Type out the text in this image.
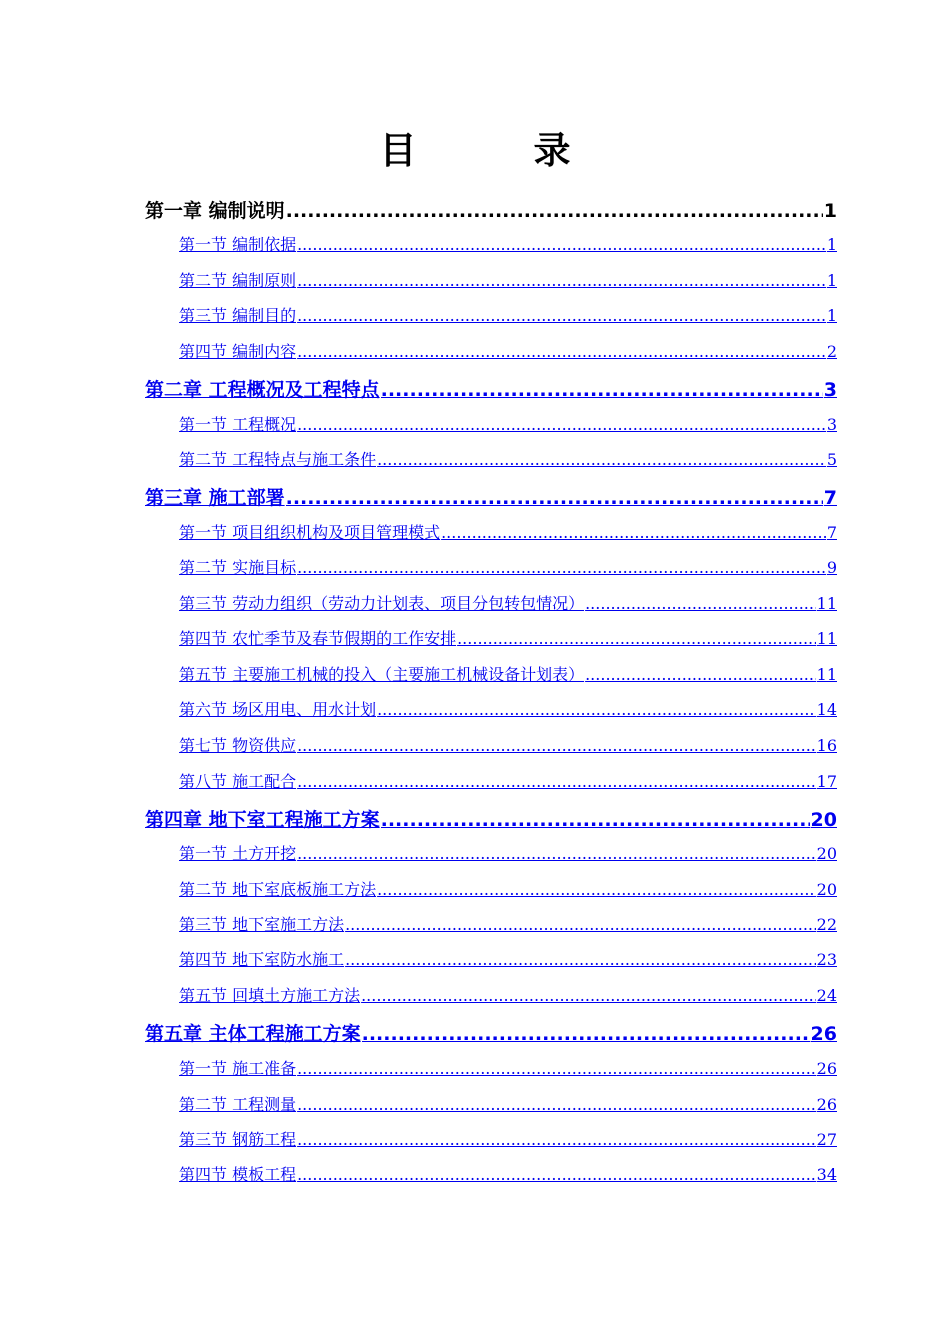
目　录
第一章 编制说明 .....	1
第一节 编制依据 .....	1
第二节 编制原则 .....	1
第三节 编制目的 .....	1
第四节 编制内容 .....	2
第二章 工程概况及工程特点 .....	3
第一节 工程概况 .....	3
第二节 工程特点与施工条件 .....	5
第三章 施工部署 .....	7
第一节 项目组织机构及项目管理模式 .....	7
第二节 实施目标 .....	9
第三节 劳动力组织（劳动力计划表、项目分包转包情况） .....	11
第四节 农忙季节及春节假期的工作安排 .....	11
第五节 主要施工机械的投入（主要施工机械设备计划表） .....	11
第六节 场区用电、用水计划 .....	14
第七节 物资供应 .....	16
第八节 施工配合 .....	17
第四章 地下室工程施工方案 .....	20
第一节 土方开挖 .....	20
第二节 地下室底板施工方法 .....	20
第三节 地下室施工方法 .....	22
第四节 地下室防水施工 .....	23
第五节 回填土方施工方法 .....	24
第五章 主体工程施工方案 .....	26
第一节 施工准备 .....	26
第二节 工程测量 .....	26
第三节 钢筋工程 .....	27
第四节 模板工程 .....	34
